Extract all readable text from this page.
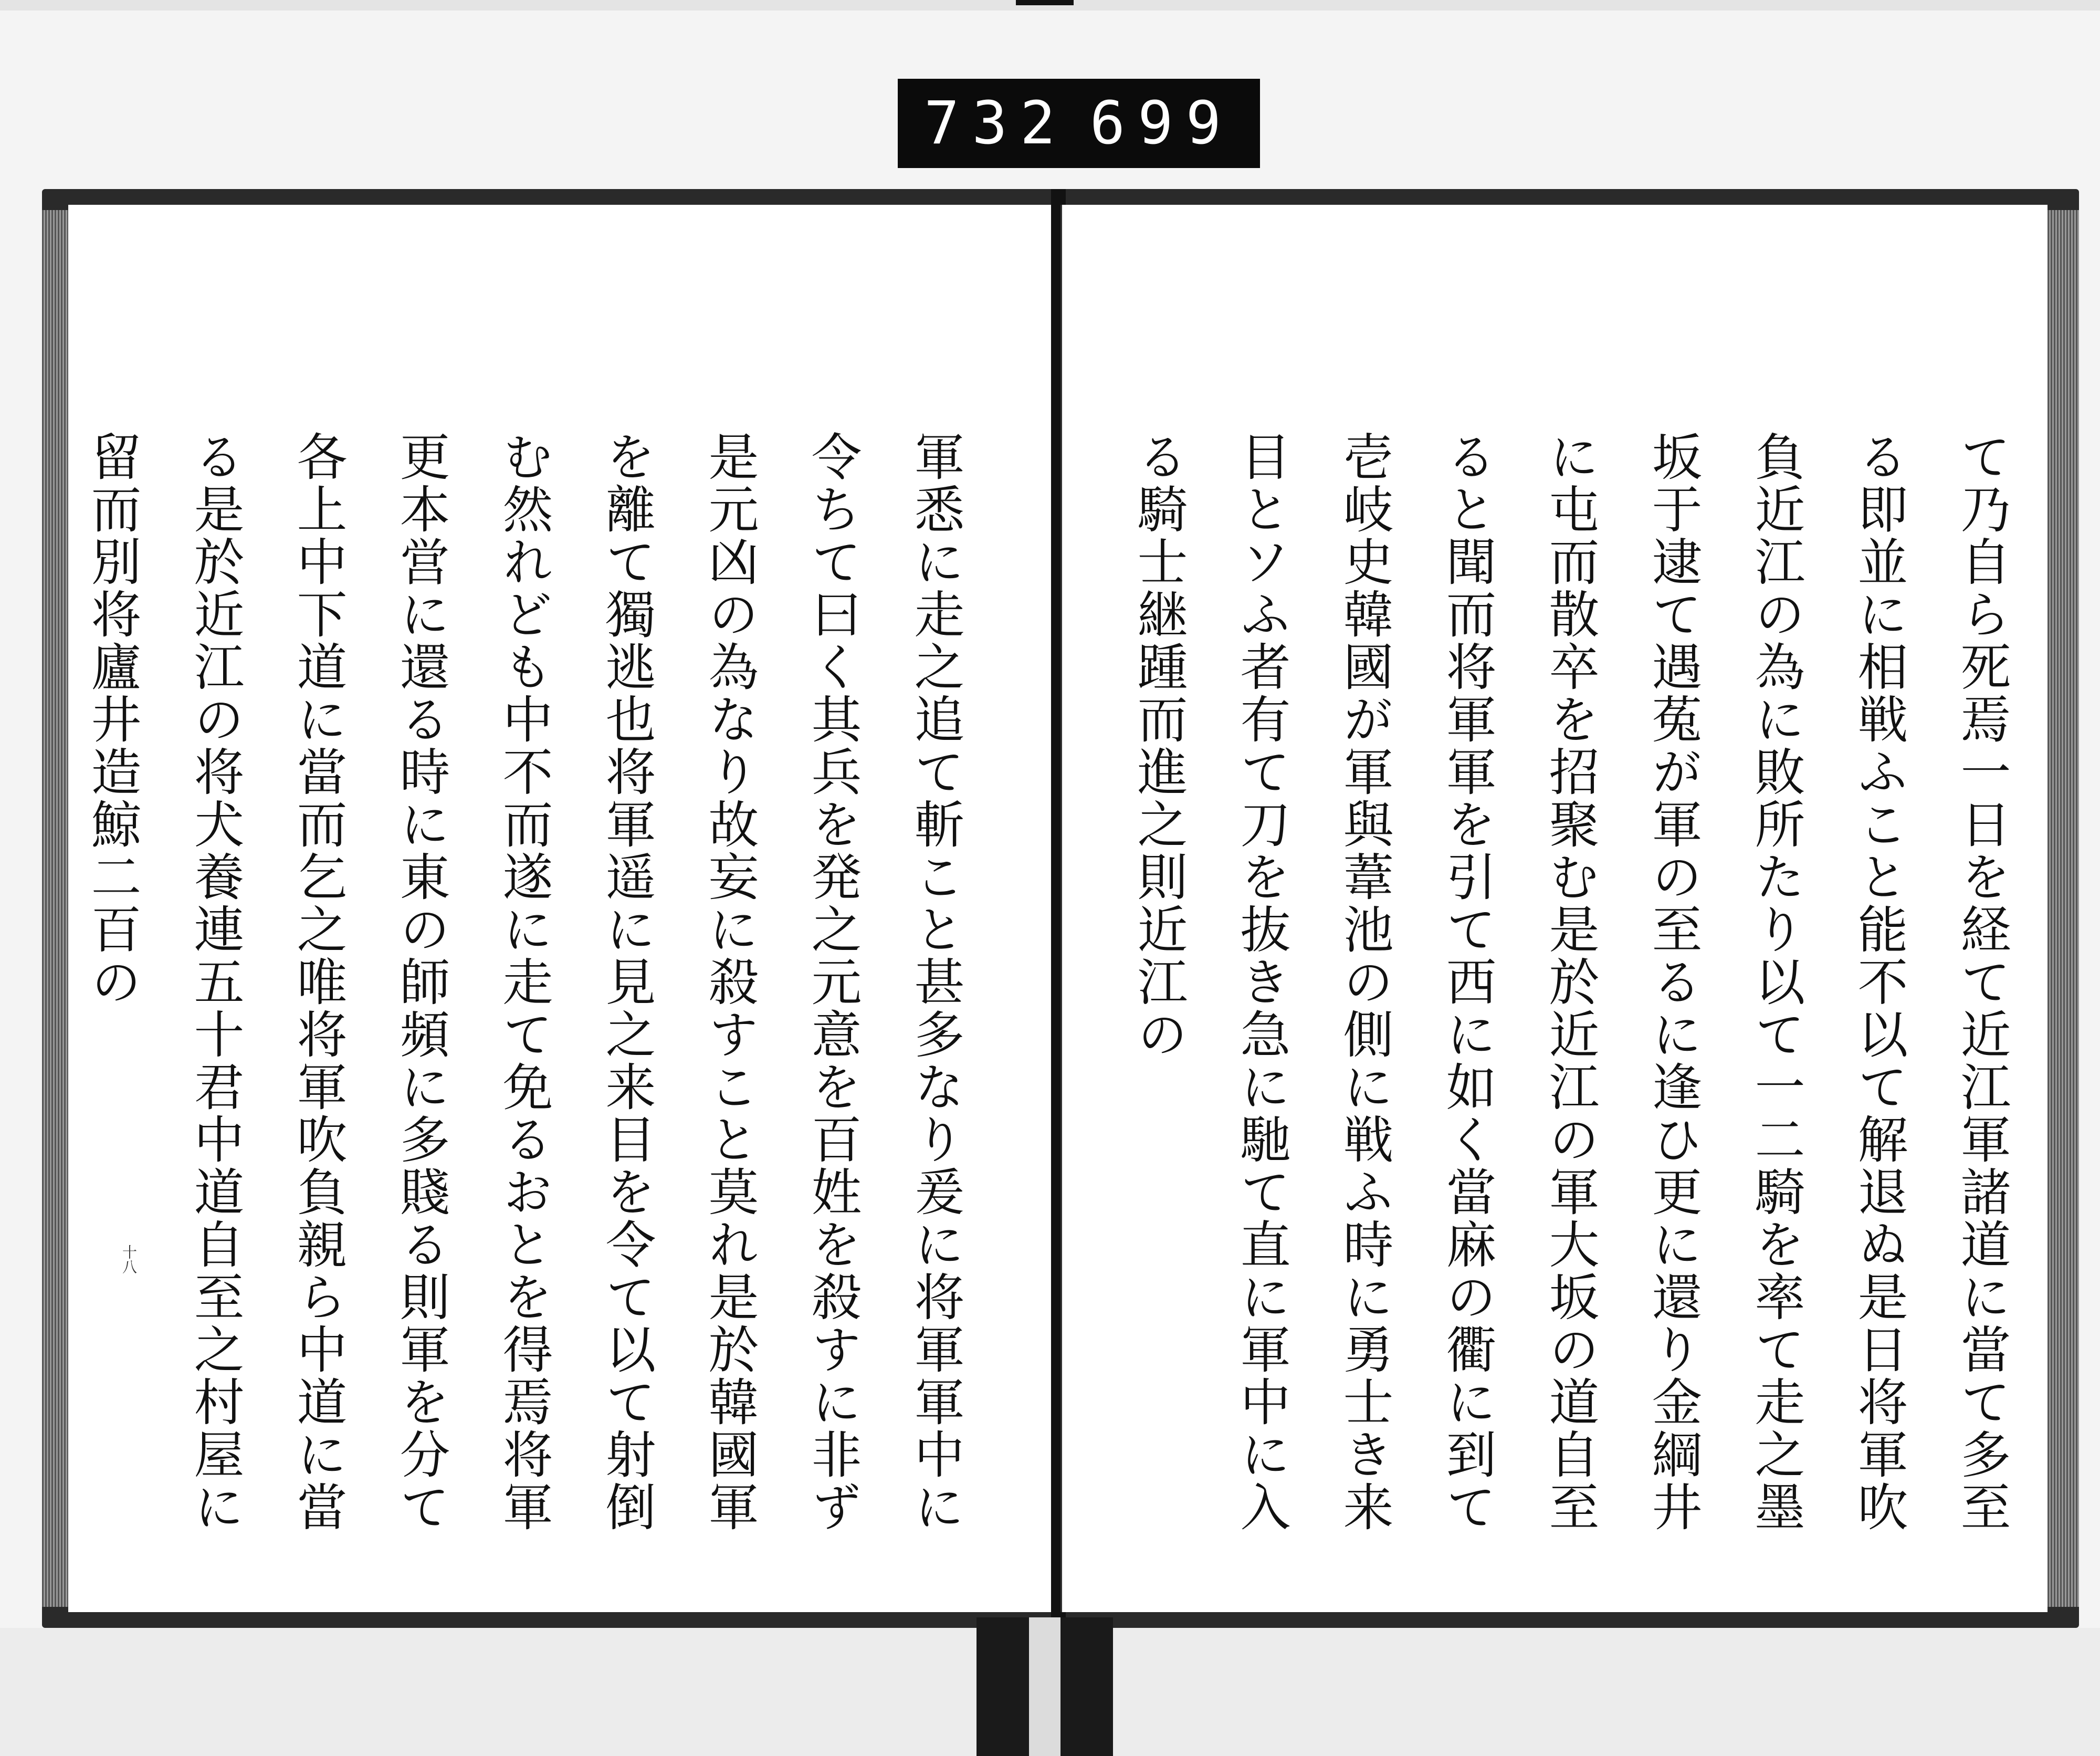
732 699
軍悉に走之追て斬こと甚多なり爰に将軍軍中に令ちて曰く其兵を発之元意を百姓を殺すに非ず是元凶の為なり故妄に殺すこと莫れ是於韓國軍を離て獨逃也将軍遥に見之来目を令て以て射倒む然れども中不而遂に走て免るおとを得焉将軍更本営に還る時に東の師頻に多賤る則軍を分て各上中下道に當而乞之唯将軍吹負親ら中道に當る是於近江の将犬養連五十君中道自至之村屋に留而別将廬井造鯨二百の
十八	て乃自ら死焉一日を経て近江軍諸道に當て多至る即並に相戦ふこと能不以て解退ぬ是日将軍吹負近江の為に敗所たり以て一二騎を率て走之墨坂于逮て遇菟が軍の至るに逢ひ更に還り金綱井に屯而散卒を招聚む是於近江の軍大坂の道自至ると聞而将軍軍を引て西に如く當麻の衢に到て壱岐史韓國が軍與葦池の側に戦ふ時に勇士き来目とソふ者有て刀を抜き急に馳て直に軍中に入る騎士継踵而進之則近江の
